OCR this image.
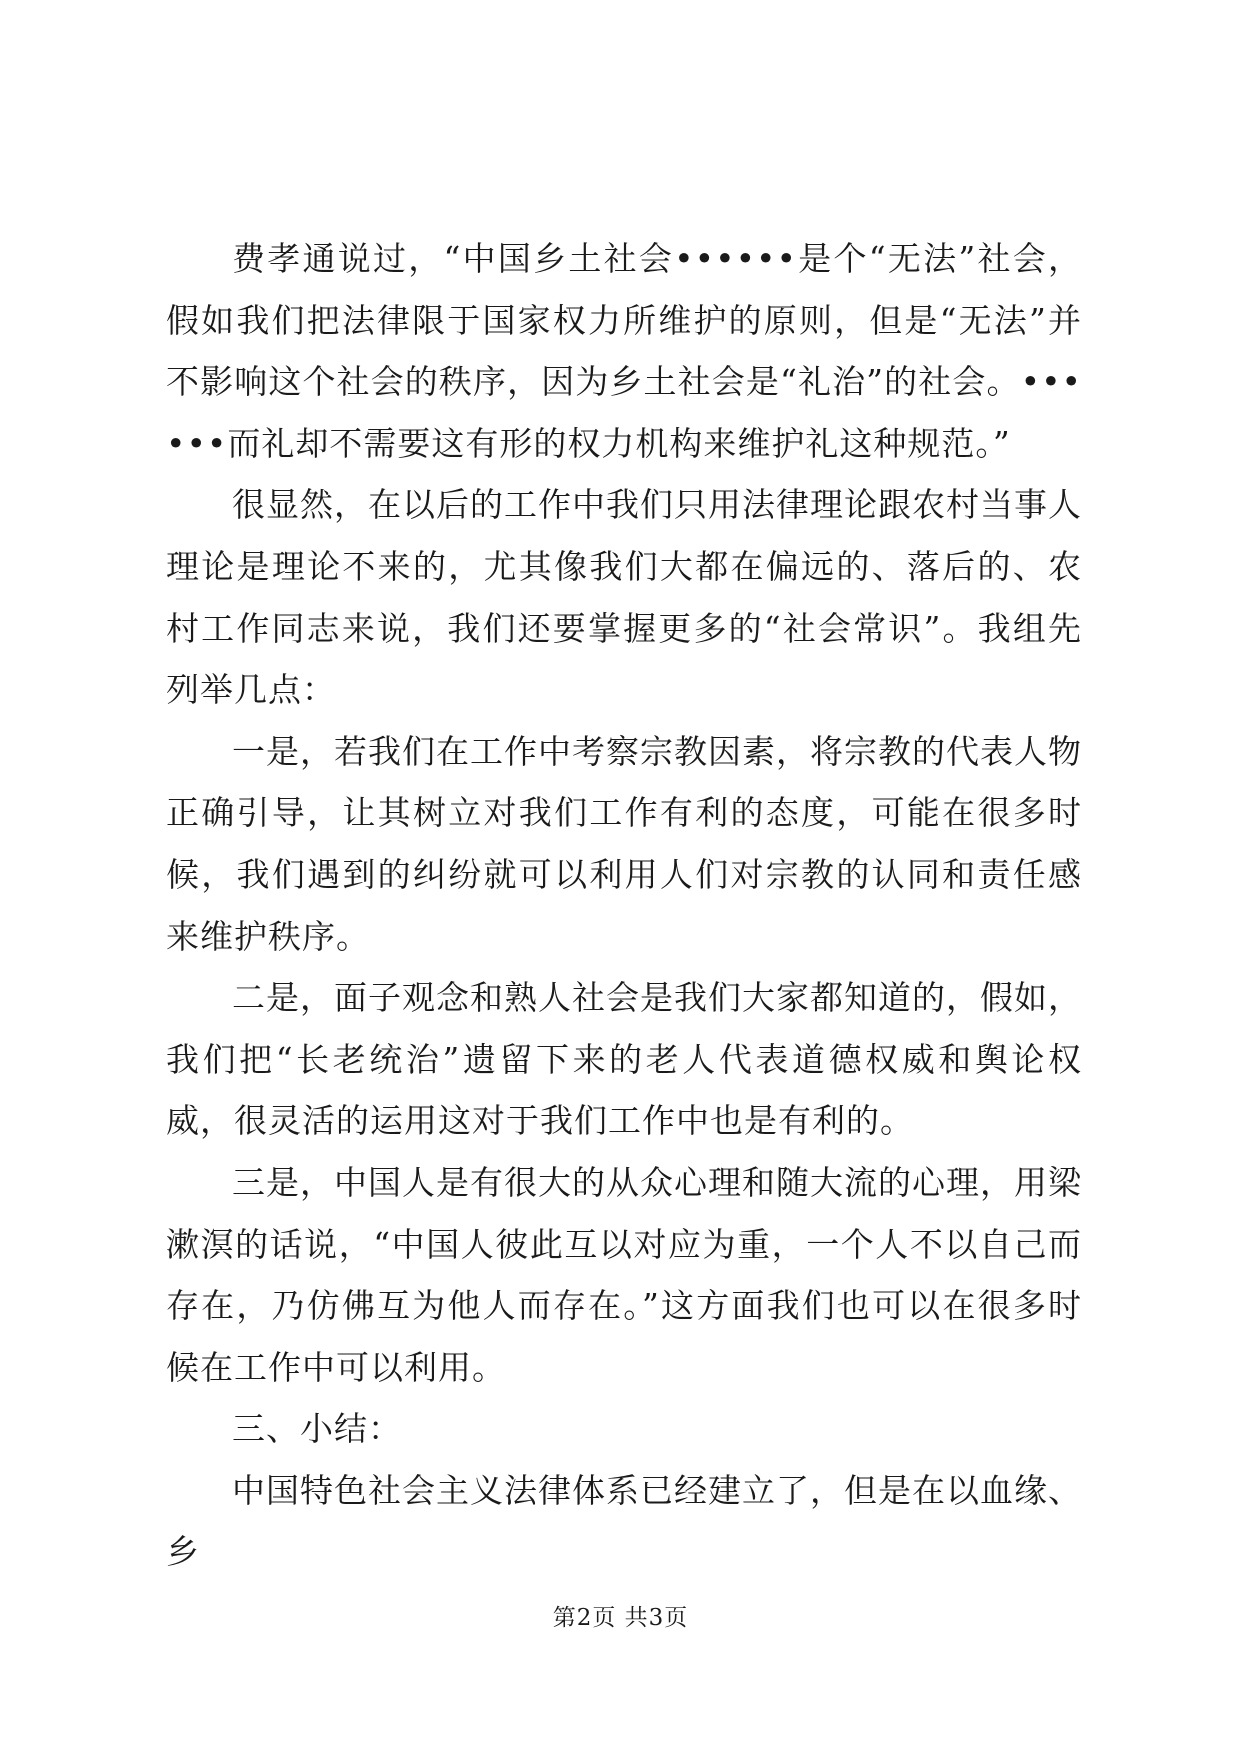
费孝通说过，“中国乡土社会••••••是个“无法”社会，假如我们把法律限于国家权力所维护的原则，但是“无法”并不影响这个社会的秩序，因为乡土社会是“礼治”的社会。••••••而礼却不需要这有形的权力机构来维护礼这种规范。”

很显然，在以后的工作中我们只用法律理论跟农村当事人理论是理论不来的，尤其像我们大都在偏远的、落后的、农村工作同志来说，我们还要掌握更多的“社会常识”。我组先列举几点：

一是，若我们在工作中考察宗教因素，将宗教的代表人物正确引导，让其树立对我们工作有利的态度，可能在很多时候，我们遇到的纠纷就可以利用人们对宗教的认同和责任感来维护秩序。

二是，面子观念和熟人社会是我们大家都知道的，假如，我们把“长老统治”遗留下来的老人代表道德权威和舆论权威，很灵活的运用这对于我们工作中也是有利的。

三是，中国人是有很大的从众心理和随大流的心理，用梁漱溟的话说，“中国人彼此互以对应为重，一个人不以自己而存在，乃仿佛互为他人而存在。”这方面我们也可以在很多时候在工作中可以利用。

三、小结：

中国特色社会主义法律体系已经建立了，但是在以血缘、乡

第2页 共3页
